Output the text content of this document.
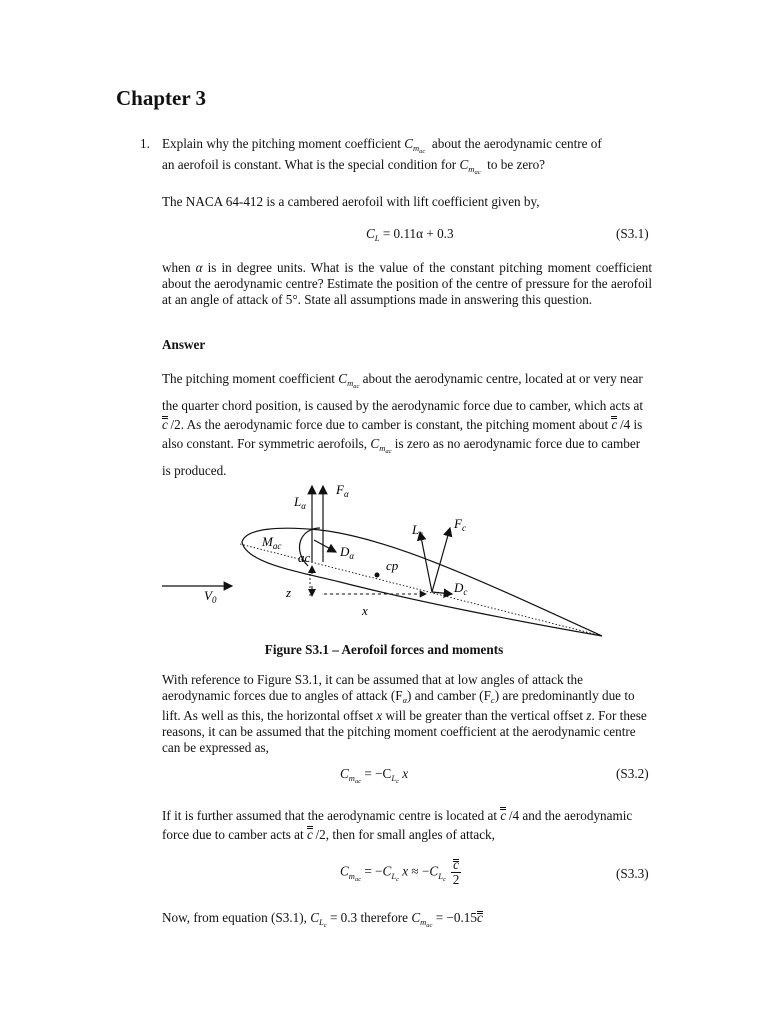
Chapter 3
1. Explain why the pitching moment coefficient $C_{m_{ac}}$  about the aerodynamic centre of
an aerofoil is constant. What is the special condition for $C_{m_{ac}}$  to be zero?
The NACA 64-412 is a cambered aerofoil with lift coefficient given by,
$C_L = 0.11\alpha + 0.3$	(S3.1)
when α is in degree units. What is the value of the constant pitching moment coefficient about the aerodynamic centre? Estimate the position of the centre of pressure for the aerofoil at an angle of attack of 5°. State all assumptions made in answering this question.
Answer
The pitching moment coefficient $C_{m_{ac}}$ about the aerodynamic centre, located at or very near the quarter chord position, is caused by the aerodynamic force due to camber, which acts at c  /2. As the aerodynamic force due to camber is constant, the pitching moment about c  /4 is also constant. For symmetric aerofoils, $C_{m_{ac}}$ is zero as no aerodynamic force due to camber is produced.
$F_\alpha$
$L_\alpha$
$L_c$
$F_c$
$M_{ac}$
ac $D_\alpha$
cp
$D_c$
$V_0$	z
x
Figure S3.1 – Aerofoil forces and moments
With reference to Figure S3.1, it can be assumed that at low angles of attack the aerodynamic forces due to angles of attack $(F_\alpha)$ and camber $(F_c)$ are predominantly due to lift. As well as this, the horizontal offset x will be greater than the vertical offset z. For these reasons, it can be assumed that the pitching moment coefficient at the aerodynamic centre can be expressed as,
$C_{m_{ac}} = -C_{L_c}$ x	(S3.2)
If it is further assumed that the aerodynamic centre is located at c  /4 and the aerodynamic force due to camber acts at c  /2, then for small angles of attack,
$C_{m_{ac}} = -C_{L_c}$ $x \approx -C_{L_c} \frac{c}{2}$	(S3.3)
Now, from equation (S3.1), $C_{L_c} = 0.3$ therefore $C_{m_{ac}} = -0.15c$
